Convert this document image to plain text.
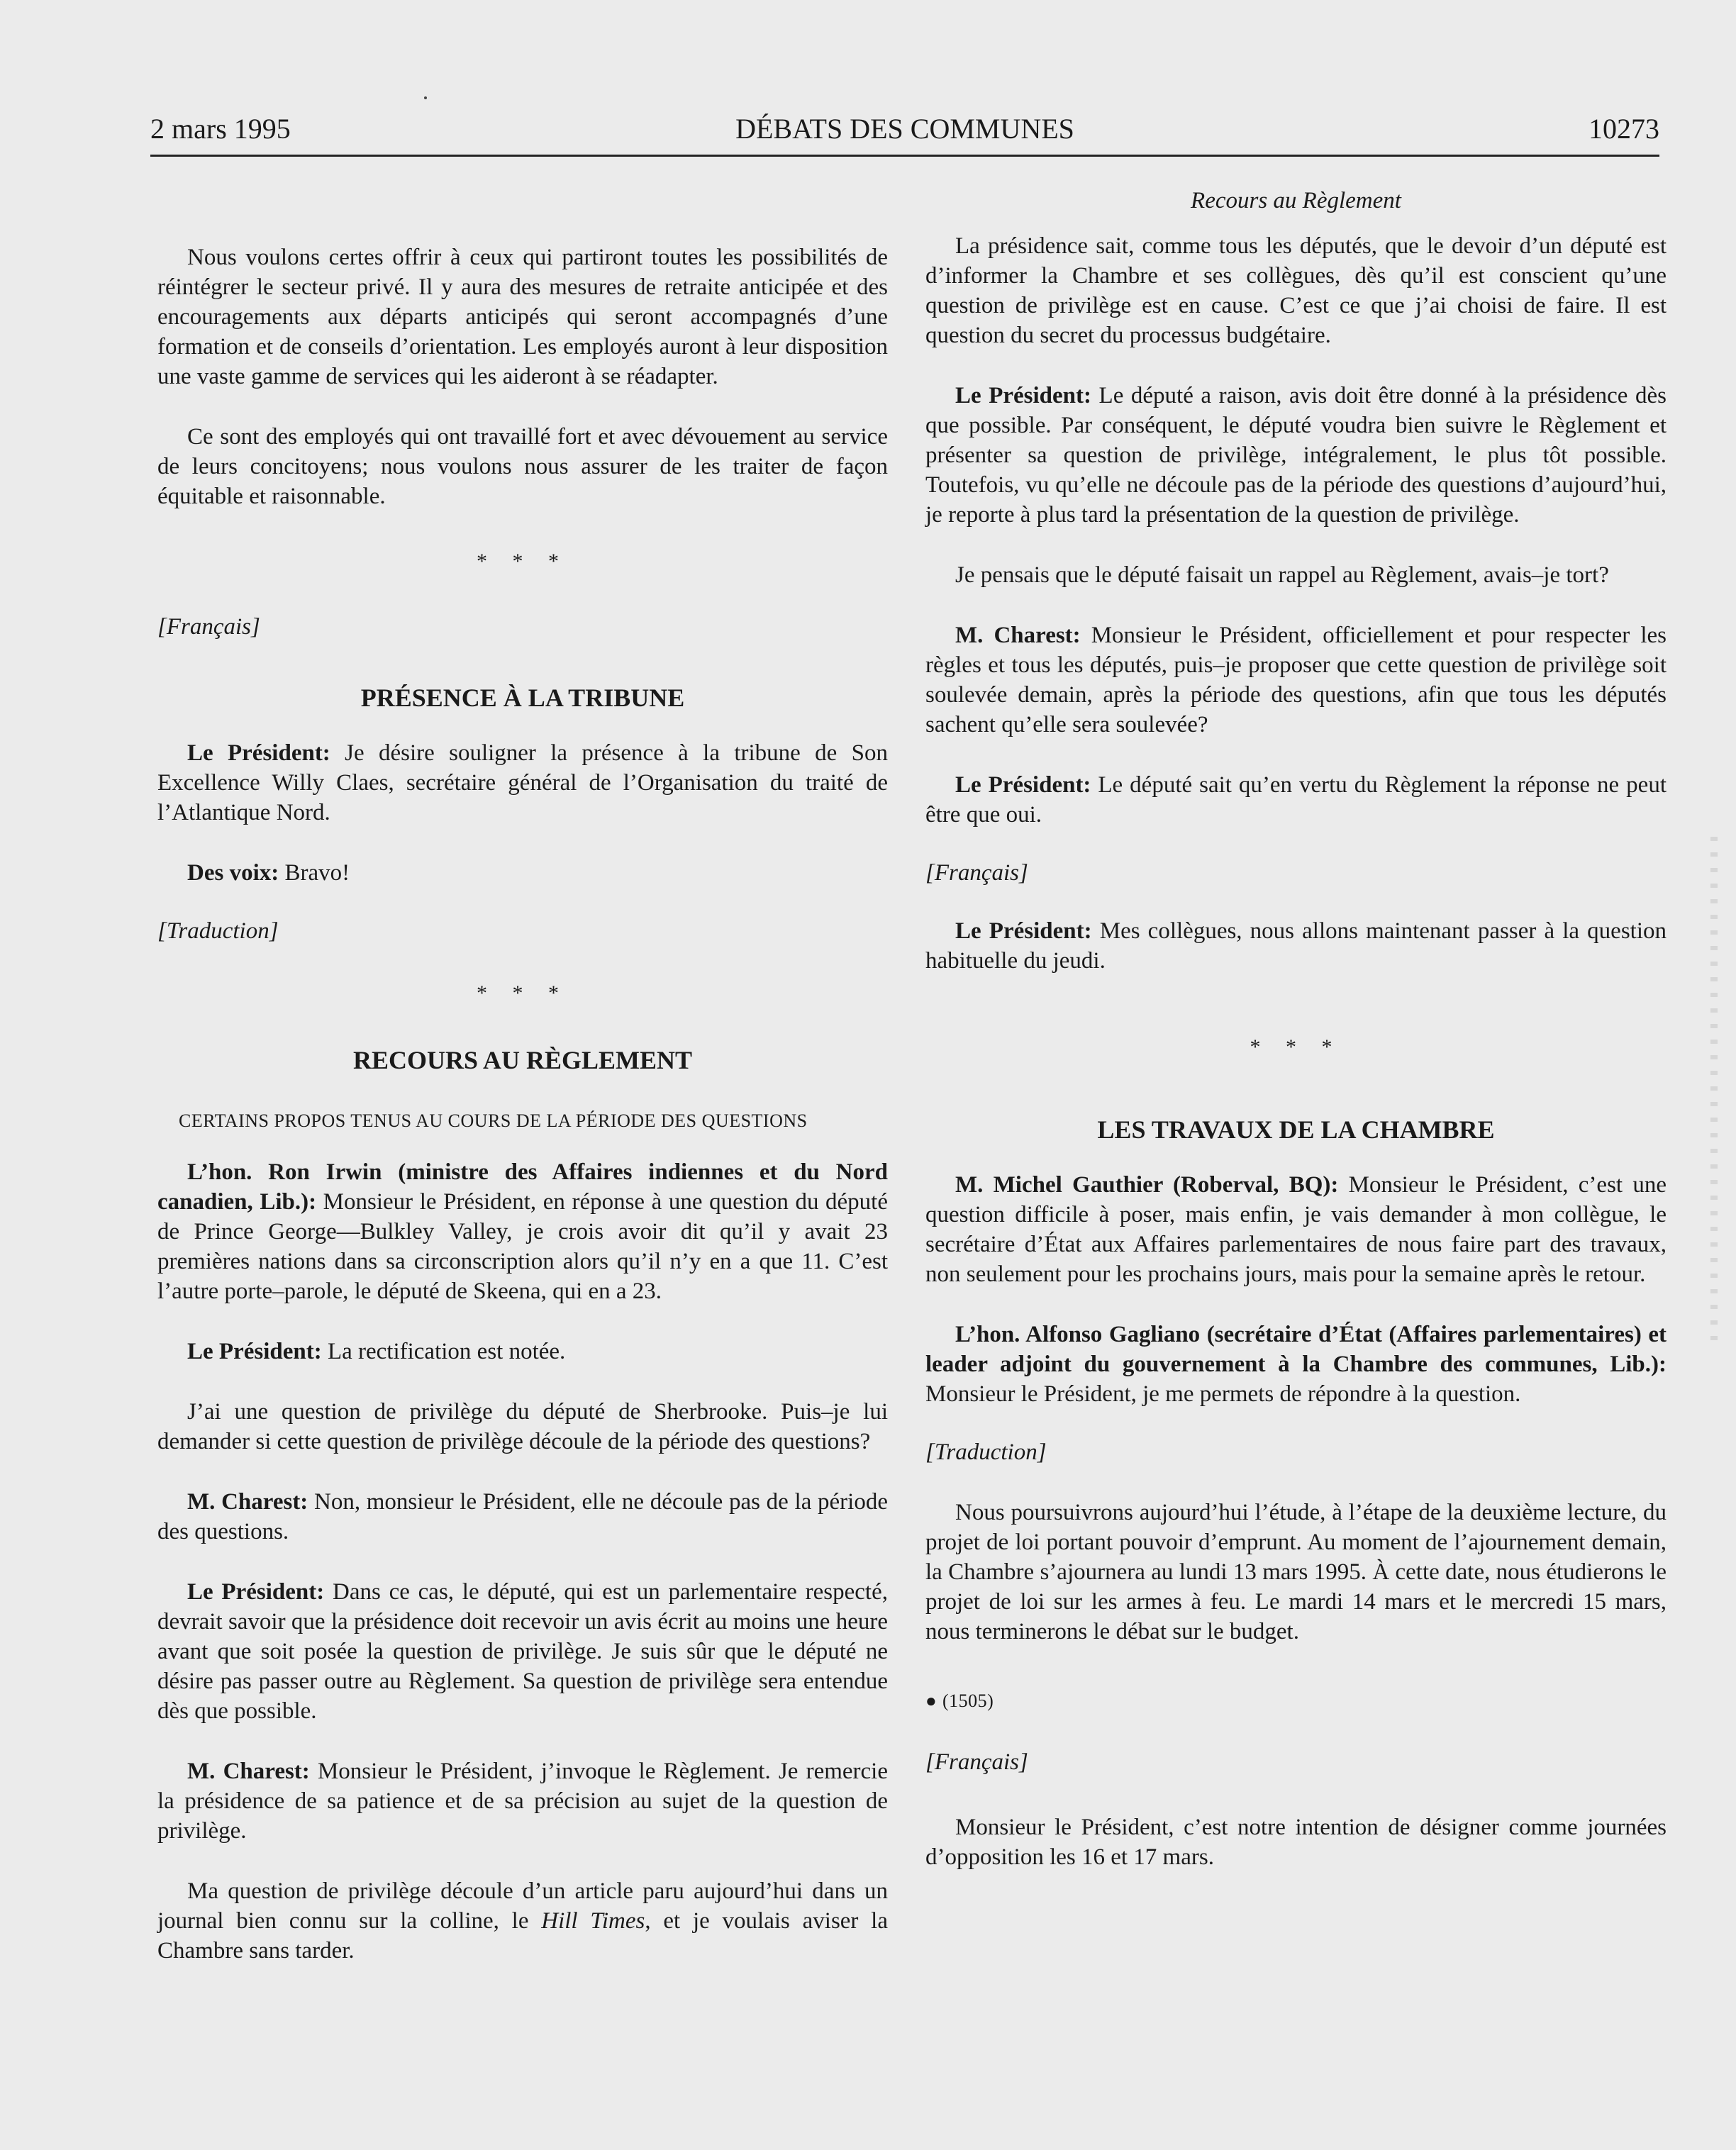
2 mars 1995	DÉBATS DES COMMUNES	10273

Nous voulons certes offrir à ceux qui partiront toutes les possibilités de réintégrer le secteur privé. Il y aura des mesures de retraite anticipée et des encouragements aux départs anticipés qui seront accompagnés d’une formation et de conseils d’orientation. Les employés auront à leur disposition une vaste gamme de services qui les aideront à se réadapter.

Ce sont des employés qui ont travaillé fort et avec dévouement au service de leurs concitoyens; nous voulons nous assurer de les traiter de façon équitable et raisonnable.

* * *

[Français]

PRÉSENCE À LA TRIBUNE

Le Président: Je désire souligner la présence à la tribune de Son Excellence Willy Claes, secrétaire général de l’Organisation du traité de l’Atlantique Nord.

Des voix: Bravo!

[Traduction]

* * *

RECOURS AU RÈGLEMENT

CERTAINS PROPOS TENUS AU COURS DE LA PÉRIODE DES QUESTIONS

L’hon. Ron Irwin (ministre des Affaires indiennes et du Nord canadien, Lib.): Monsieur le Président, en réponse à une question du député de Prince George—Bulkley Valley, je crois avoir dit qu’il y avait 23 premières nations dans sa circonscription alors qu’il n’y en a que 11. C’est l’autre porte–parole, le député de Skeena, qui en a 23.

Le Président: La rectification est notée.

J’ai une question de privilège du député de Sherbrooke. Puis–je lui demander si cette question de privilège découle de la période des questions?

M. Charest: Non, monsieur le Président, elle ne découle pas de la période des questions.

Le Président: Dans ce cas, le député, qui est un parlementaire respecté, devrait savoir que la présidence doit recevoir un avis écrit au moins une heure avant que soit posée la question de privilège. Je suis sûr que le député ne désire pas passer outre au Règlement. Sa question de privilège sera entendue dès que possible.

M. Charest: Monsieur le Président, j’invoque le Règlement. Je remercie la présidence de sa patience et de sa précision au sujet de la question de privilège.

Ma question de privilège découle d’un article paru aujourd’hui dans un journal bien connu sur la colline, le Hill Times, et je voulais aviser la Chambre sans tarder.

Recours au Règlement

La présidence sait, comme tous les députés, que le devoir d’un député est d’informer la Chambre et ses collègues, dès qu’il est conscient qu’une question de privilège est en cause. C’est ce que j’ai choisi de faire. Il est question du secret du processus budgétaire.

Le Président: Le député a raison, avis doit être donné à la présidence dès que possible. Par conséquent, le député voudra bien suivre le Règlement et présenter sa question de privilège, intégralement, le plus tôt possible. Toutefois, vu qu’elle ne découle pas de la période des questions d’aujourd’hui, je reporte à plus tard la présentation de la question de privilège.

Je pensais que le député faisait un rappel au Règlement, avais–je tort?

M. Charest: Monsieur le Président, officiellement et pour respecter les règles et tous les députés, puis–je proposer que cette question de privilège soit soulevée demain, après la période des questions, afin que tous les députés sachent qu’elle sera soulevée?

Le Président: Le député sait qu’en vertu du Règlement la réponse ne peut être que oui.

[Français]

Le Président: Mes collègues, nous allons maintenant passer à la question habituelle du jeudi.

* * *

LES TRAVAUX DE LA CHAMBRE

M. Michel Gauthier (Roberval, BQ): Monsieur le Président, c’est une question difficile à poser, mais enfin, je vais demander à mon collègue, le secrétaire d’État aux Affaires parlementaires de nous faire part des travaux, non seulement pour les prochains jours, mais pour la semaine après le retour.

L’hon. Alfonso Gagliano (secrétaire d’État (Affaires parlementaires) et leader adjoint du gouvernement à la Chambre des communes, Lib.): Monsieur le Président, je me permets de répondre à la question.

[Traduction]

Nous poursuivrons aujourd’hui l’étude, à l’étape de la deuxième lecture, du projet de loi portant pouvoir d’emprunt. Au moment de l’ajournement demain, la Chambre s’ajournera au lundi 13 mars 1995. À cette date, nous étudierons le projet de loi sur les armes à feu. Le mardi 14 mars et le mercredi 15 mars, nous terminerons le débat sur le budget.

● (1505)

[Français]

Monsieur le Président, c’est notre intention de désigner comme journées d’opposition les 16 et 17 mars.
